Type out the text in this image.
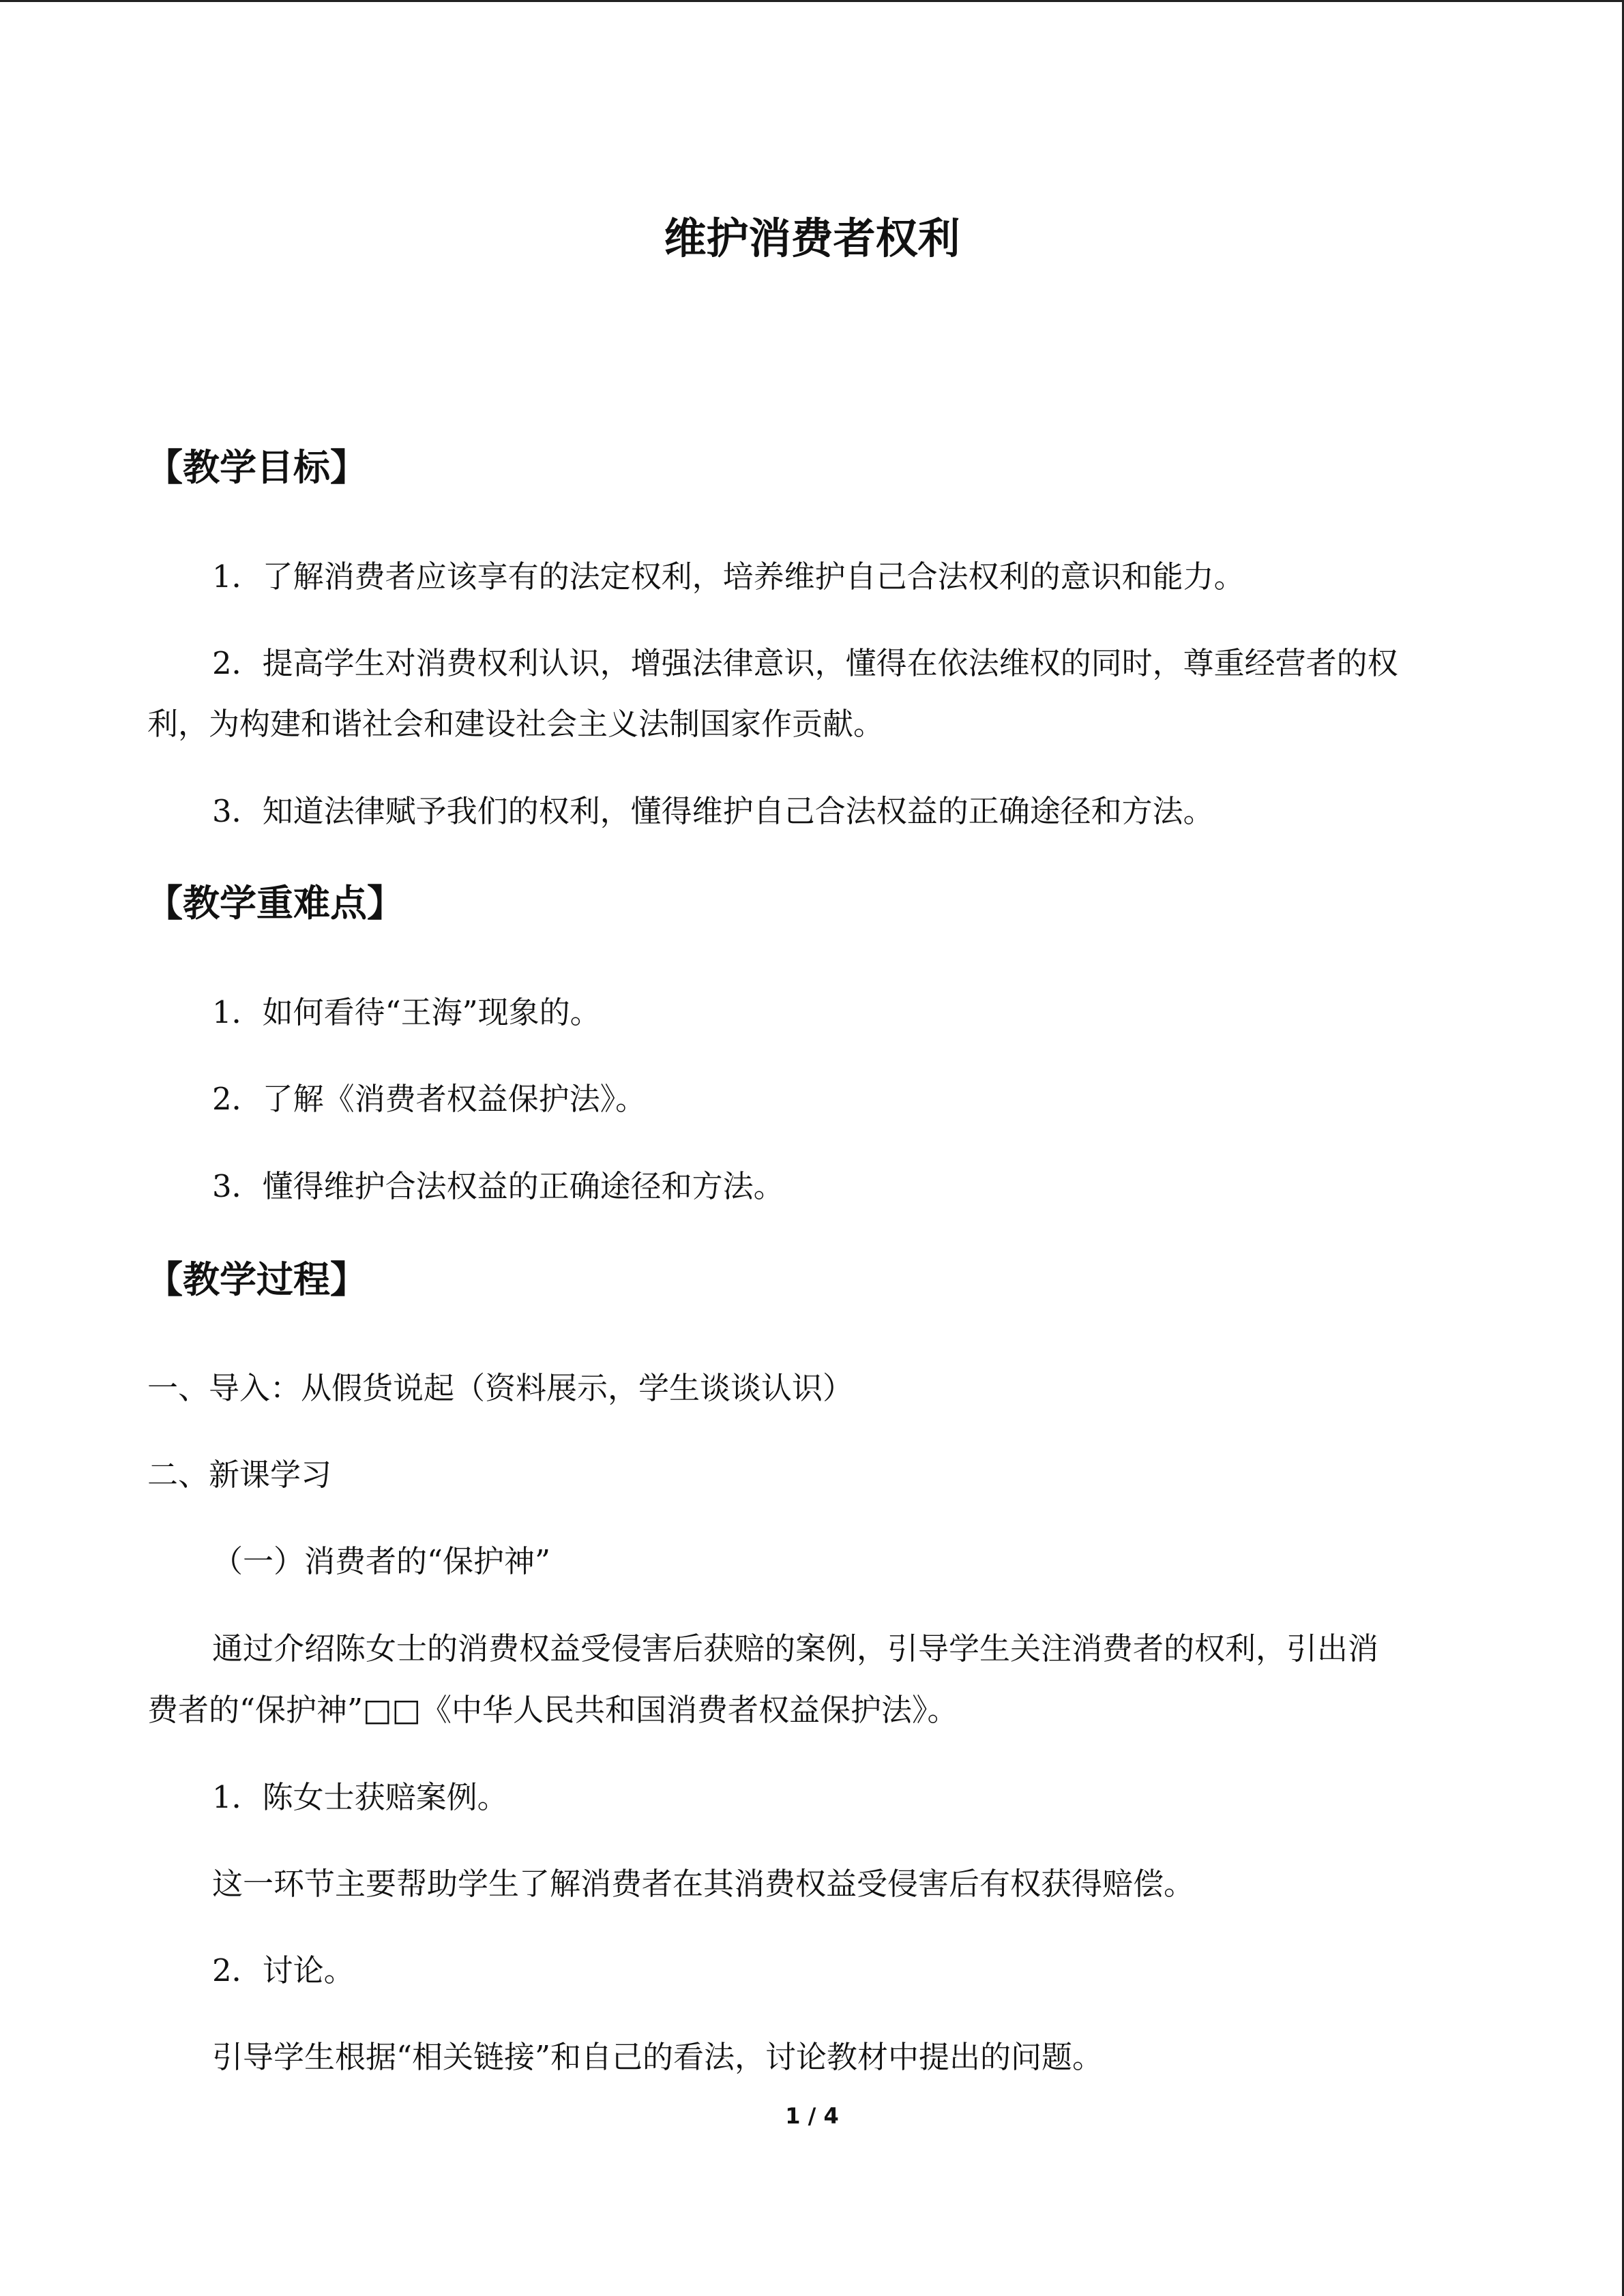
维护消费者权利
【教学目标】

1．了解消费者应该享有的法定权利，培养维护自己合法权利的意识和能力。

2．提高学生对消费权利认识，增强法律意识，懂得在依法维权的同时，尊重经营者的权

利，为构建和谐社会和建设社会主义法制国家作贡献。

3．知道法律赋予我们的权利，懂得维护自己合法权益的正确途径和方法。

【教学重难点】

1．如何看待“王海”现象的。

2．了解《消费者权益保护法》。

3．懂得维护合法权益的正确途径和方法。

【教学过程】

一、导入：从假货说起（资料展示，学生谈谈认识）

二、新课学习

（一）消费者的“保护神”

通过介绍陈女士的消费权益受侵害后获赔的案例，引导学生关注消费者的权利，引出消

费者的“保护神”□□《中华人民共和国消费者权益保护法》。

1．陈女士获赔案例。

这一环节主要帮助学生了解消费者在其消费权益受侵害后有权获得赔偿。

2．讨论。

引导学生根据“相关链接”和自己的看法，讨论教材中提出的问题。

1 / 4
